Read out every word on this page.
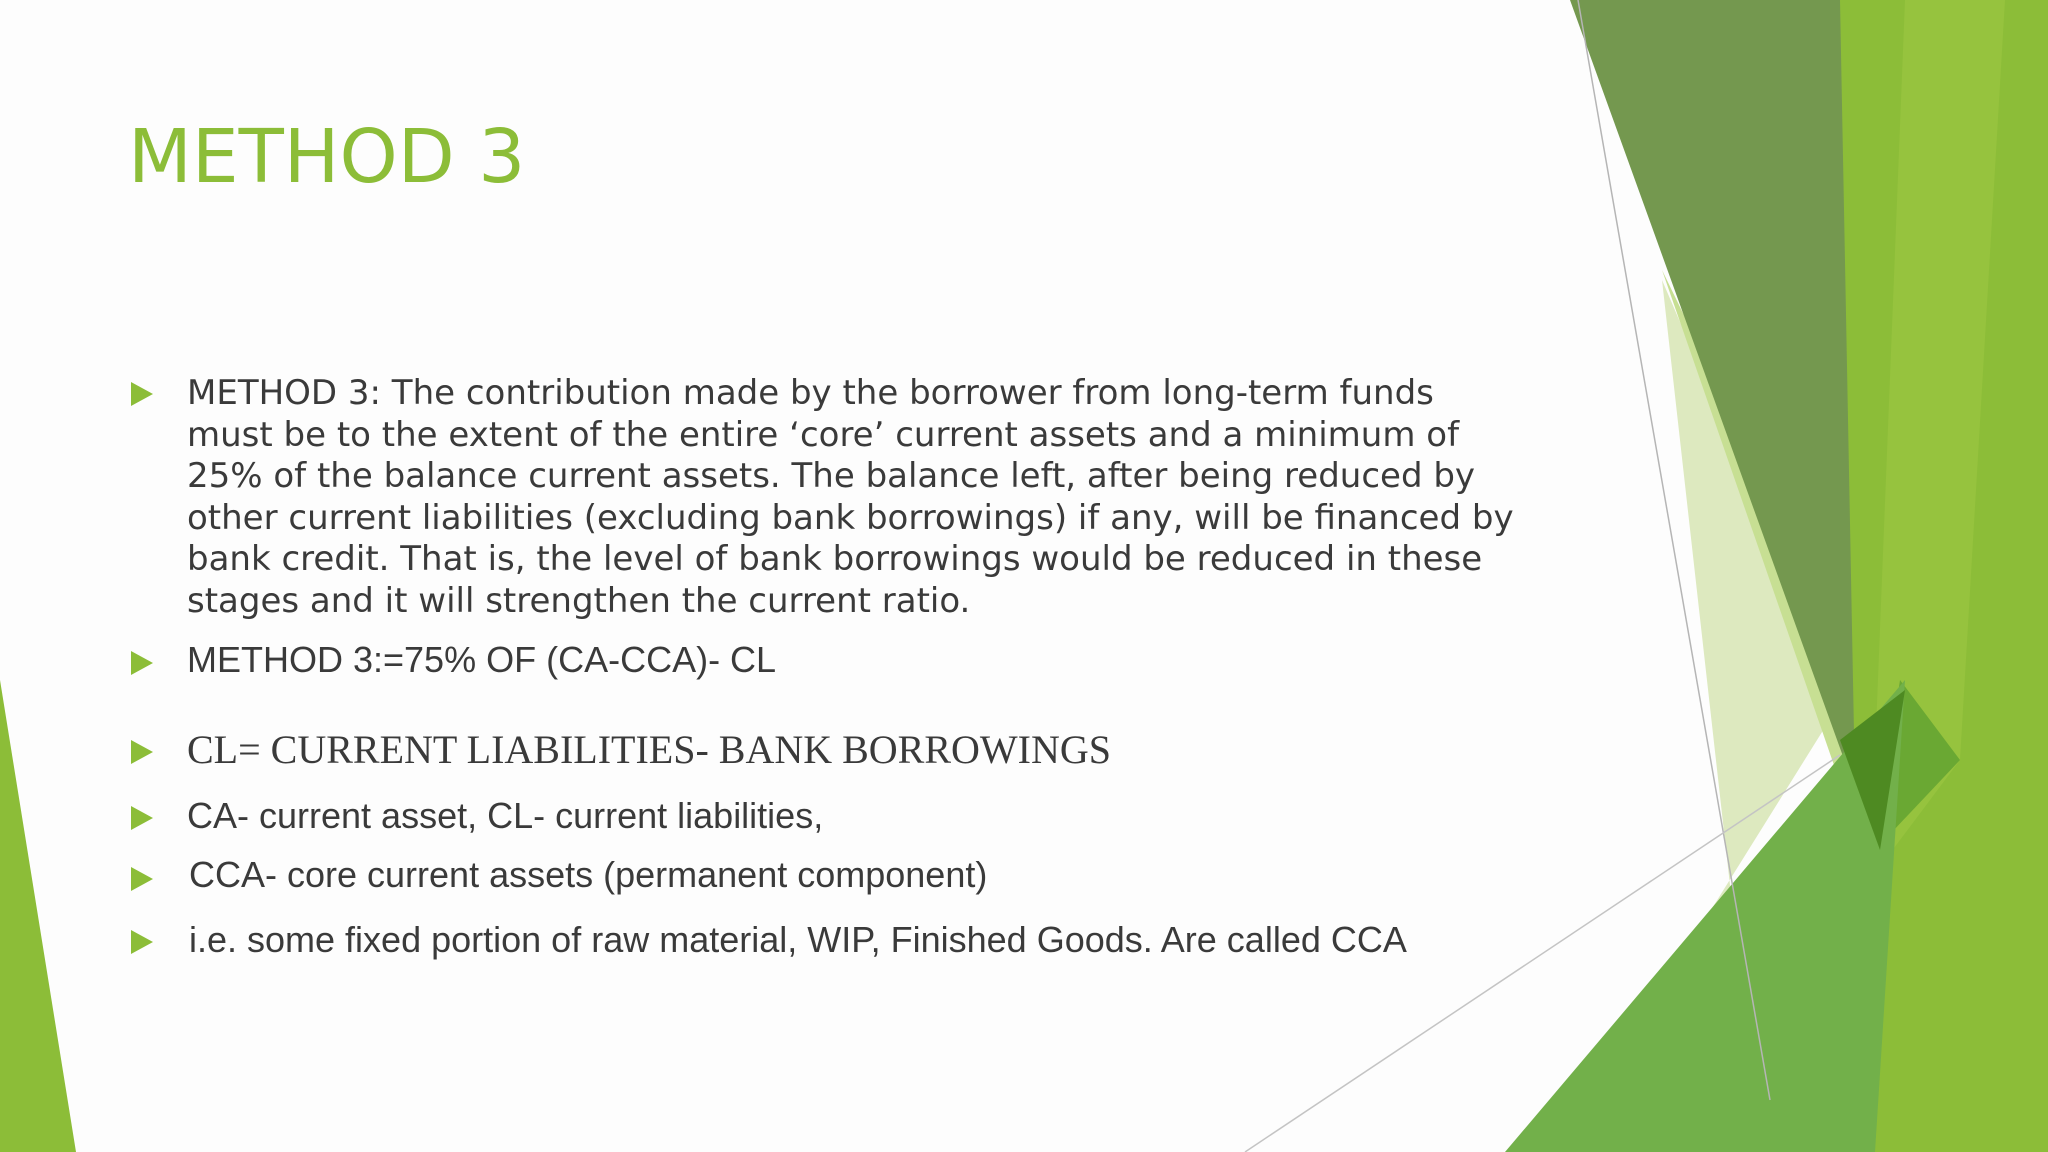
METHOD 3
METHOD 3: The contribution made by the borrower from long-term funds
must be to the extent of the entire ‘core’ current assets and a minimum of
25% of the balance current assets. The balance left, after being reduced by
other current liabilities (excluding bank borrowings) if any, will be financed by
bank credit. That is, the level of bank borrowings would be reduced in these
stages and it will strengthen the current ratio.
METHOD 3:=75% OF (CA-CCA)- CL
CL= CURRENT LIABILITIES- BANK BORROWINGS
CA- current asset, CL- current liabilities,
CCA- core current assets (permanent component)
i.e. some fixed portion of raw material, WIP, Finished Goods. Are called CCA
